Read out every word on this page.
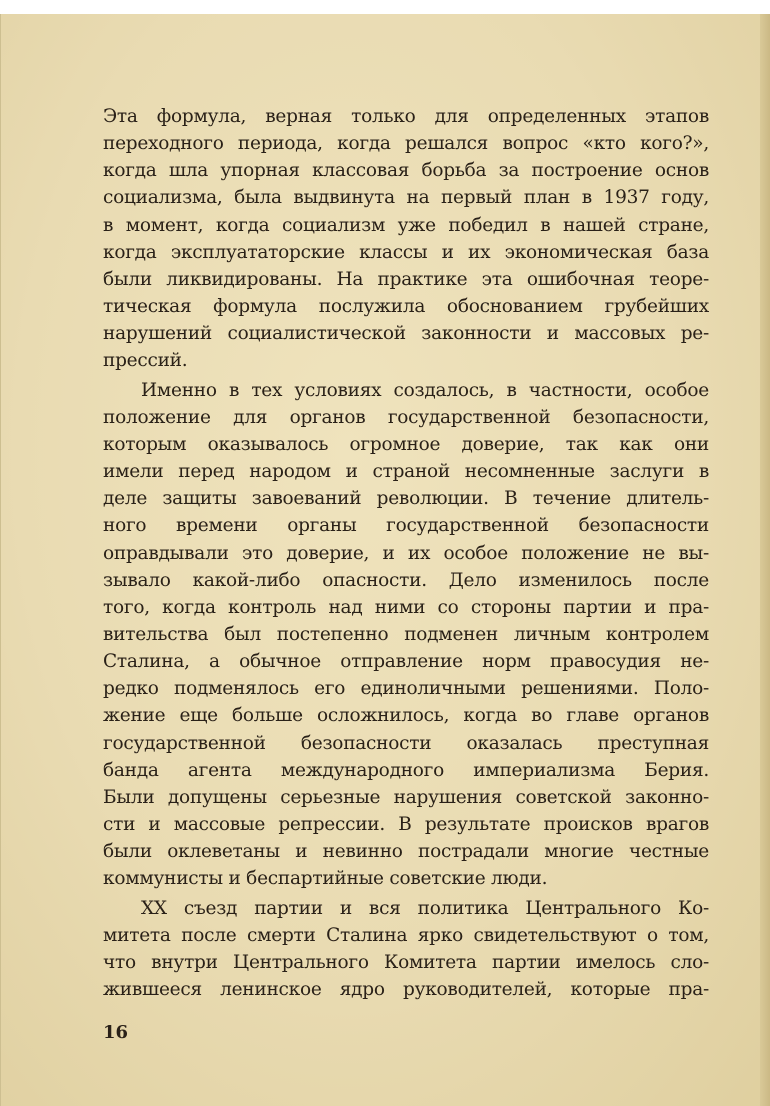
Эта формула, верная только для определенных этапов
переходного периода, когда решался вопрос «кто кого?»,
когда шла упорная классовая борьба за построение основ
социализма, была выдвинута на первый план в 1937 году,
в момент, когда социализм уже победил в нашей стране,
когда эксплуататорские классы и их экономическая база
были ликвидированы. На практике эта ошибочная теоре-
тическая формула послужила обоснованием грубейших
нарушений социалистической законности и массовых ре-
прессий.
Именно в тех условиях создалось, в частности, особое
положение для органов государственной безопасности,
которым оказывалось огромное доверие, так как они
имели перед народом и страной несомненные заслуги в
деле защиты завоеваний революции. В течение длитель-
ного времени органы государственной безопасности
оправдывали это доверие, и их особое положение не вы-
зывало какой-либо опасности. Дело изменилось после
того, когда контроль над ними со стороны партии и пра-
вительства был постепенно подменен личным контролем
Сталина, а обычное отправление норм правосудия не-
редко подменялось его единоличными решениями. Поло-
жение еще больше осложнилось, когда во главе органов
государственной безопасности оказалась преступная
банда агента международного империализма Берия.
Были допущены серьезные нарушения советской законно-
сти и массовые репрессии. В результате происков врагов
были оклеветаны и невинно пострадали многие честные
коммунисты и беспартийные советские люди.
XX съезд партии и вся политика Центрального Ко-
митета после смерти Сталина ярко свидетельствуют о том,
что внутри Центрального Комитета партии имелось сло-
жившееся ленинское ядро руководителей, которые пра-
16
